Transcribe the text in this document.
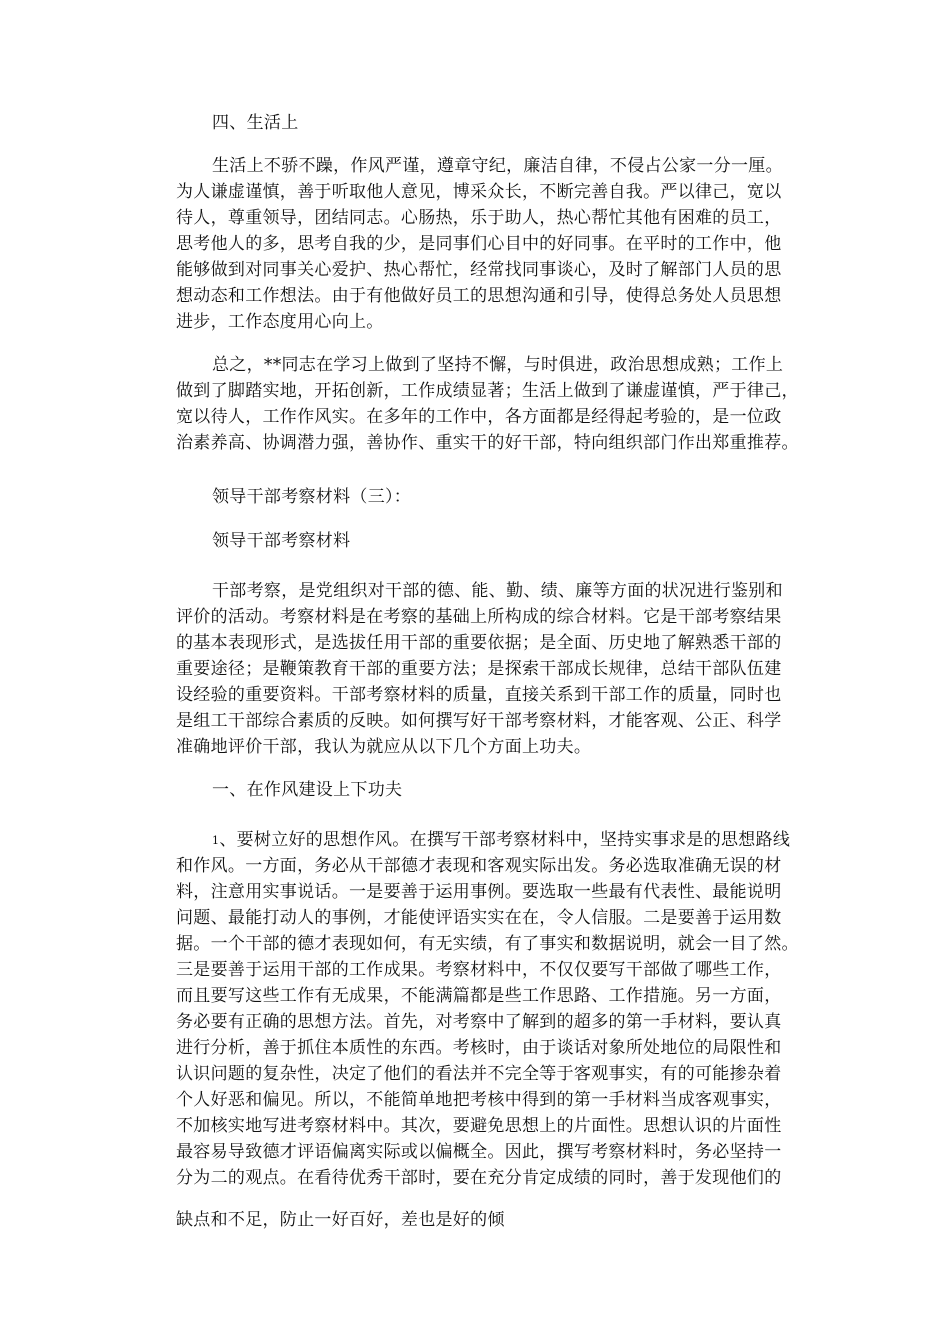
四、生活上
生活上不骄不躁，作风严谨，遵章守纪，廉洁自律，不侵占公家一分一厘。
为人谦虚谨慎，善于听取他人意见，博采众长，不断完善自我。严以律己，宽以
待人，尊重领导，团结同志。心肠热，乐于助人，热心帮忙其他有困难的员工，
思考他人的多，思考自我的少，是同事们心目中的好同事。在平时的工作中，他
能够做到对同事关心爱护、热心帮忙，经常找同事谈心，及时了解部门人员的思
想动态和工作想法。由于有他做好员工的思想沟通和引导，使得总务处人员思想
进步，工作态度用心向上。
总之，**同志在学习上做到了坚持不懈，与时俱进，政治思想成熟；工作上
做到了脚踏实地，开拓创新，工作成绩显著；生活上做到了谦虚谨慎，严于律己，
宽以待人，工作作风实。在多年的工作中，各方面都是经得起考验的，是一位政
治素养高、协调潜力强，善协作、重实干的好干部，特向组织部门作出郑重推荐。
领导干部考察材料（三）：
领导干部考察材料
干部考察，是党组织对干部的德、能、勤、绩、廉等方面的状况进行鉴别和
评价的活动。考察材料是在考察的基础上所构成的综合材料。它是干部考察结果
的基本表现形式，是选拔任用干部的重要依据；是全面、历史地了解熟悉干部的
重要途径；是鞭策教育干部的重要方法；是探索干部成长规律，总结干部队伍建
设经验的重要资料。干部考察材料的质量，直接关系到干部工作的质量，同时也
是组工干部综合素质的反映。如何撰写好干部考察材料，才能客观、公正、科学
准确地评价干部，我认为就应从以下几个方面上功夫。
一、在作风建设上下功夫
1、要树立好的思想作风。在撰写干部考察材料中，坚持实事求是的思想路线
和作风。一方面，务必从干部德才表现和客观实际出发。务必选取准确无误的材
料，注意用实事说话。一是要善于运用事例。要选取一些最有代表性、最能说明
问题、最能打动人的事例，才能使评语实实在在，令人信服。二是要善于运用数
据。一个干部的德才表现如何，有无实绩，有了事实和数据说明，就会一目了然。
三是要善于运用干部的工作成果。考察材料中，不仅仅要写干部做了哪些工作，
而且要写这些工作有无成果，不能满篇都是些工作思路、工作措施。另一方面，
务必要有正确的思想方法。首先，对考察中了解到的超多的第一手材料，要认真
进行分析，善于抓住本质性的东西。考核时，由于谈话对象所处地位的局限性和
认识问题的复杂性，决定了他们的看法并不完全等于客观事实，有的可能掺杂着
个人好恶和偏见。所以，不能简单地把考核中得到的第一手材料当成客观事实，
不加核实地写进考察材料中。其次，要避免思想上的片面性。思想认识的片面性
最容易导致德才评语偏离实际或以偏概全。因此，撰写考察材料时，务必坚持一
分为二的观点。在看待优秀干部时，要在充分肯定成绩的同时，善于发现他们的
缺点和不足，防止一好百好，差也是好的倾
